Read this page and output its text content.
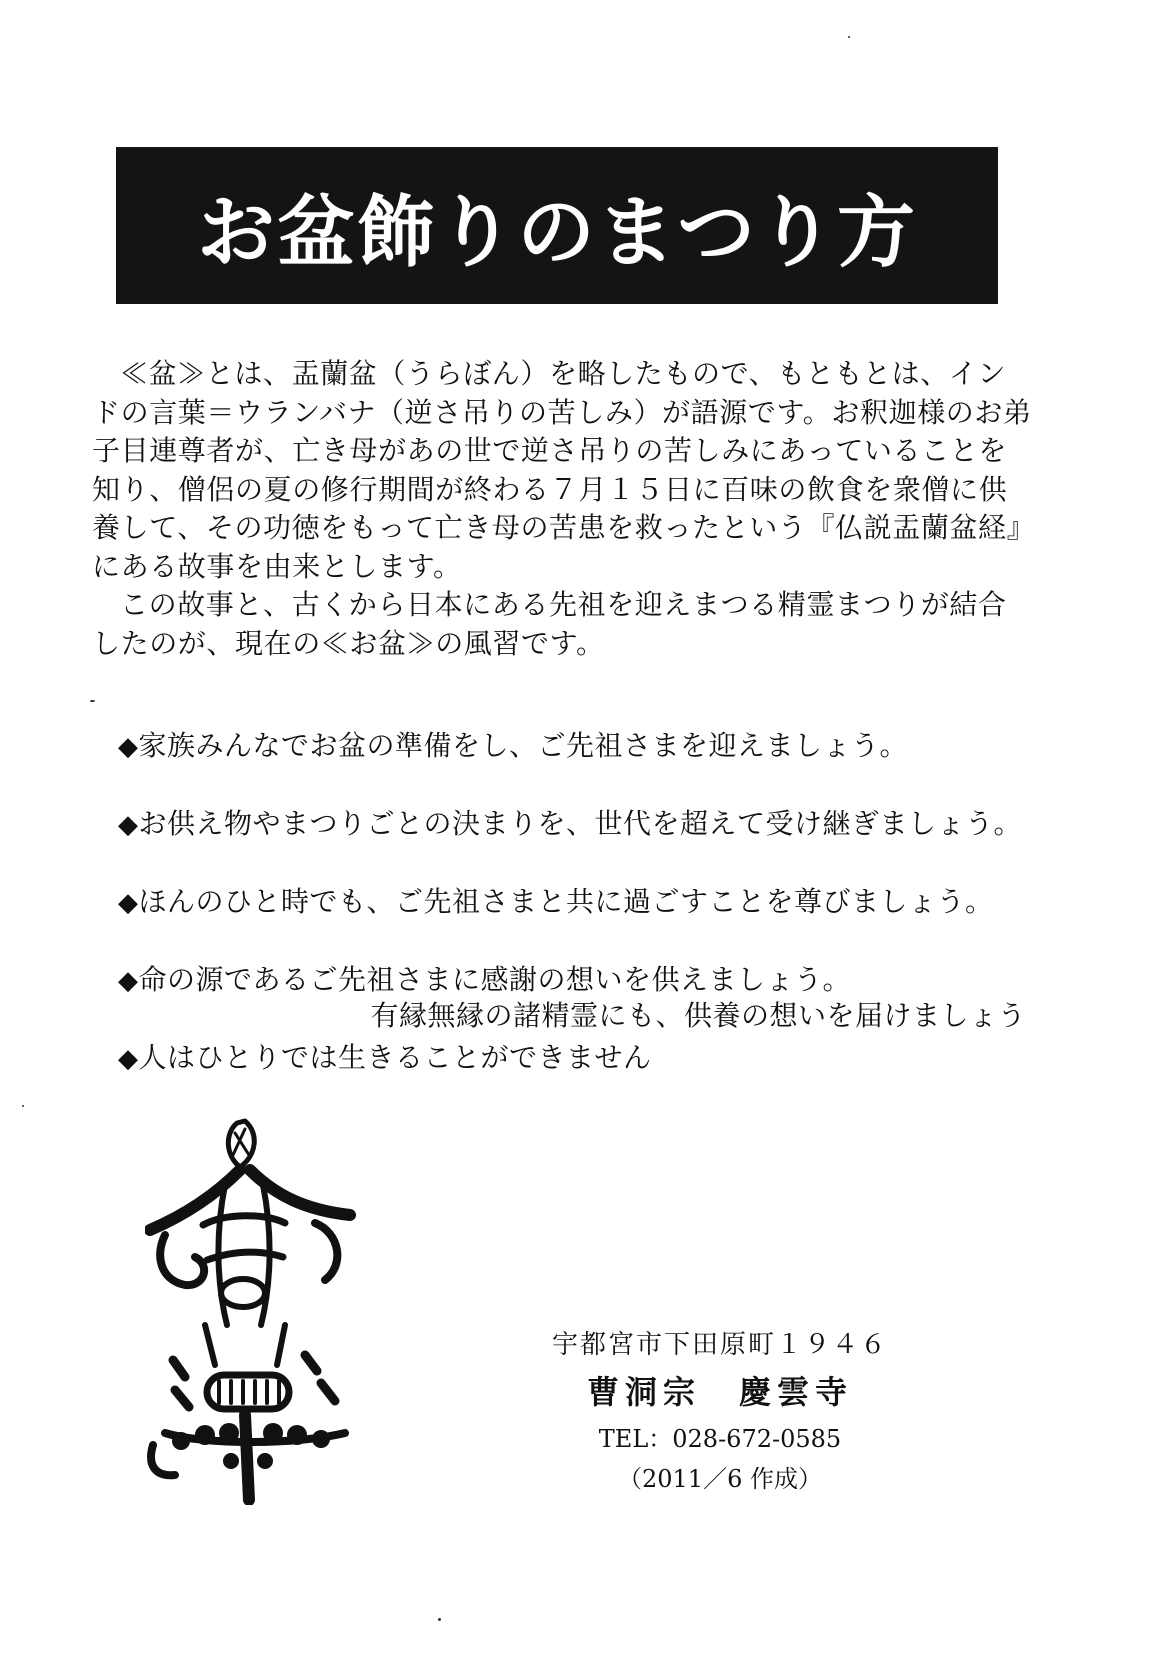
お盆飾りのまつり方

≪盆≫とは、盂蘭盆（うらぼん）を略したもので、もともとは、インドの言葉＝ウランバナ（逆さ吊りの苦しみ）が語源です。お釈迦様のお弟子目連尊者が、亡き母があの世で逆さ吊りの苦しみにあっていることを知り、僧侶の夏の修行期間が終わる７月１５日に百味の飲食を衆僧に供養して、その功徳をもって亡き母の苦患を救ったという『仏説盂蘭盆経』にある故事を由来とします。

この故事と、古くから日本にある先祖を迎えまつる精霊まつりが結合したのが、現在の≪お盆≫の風習です。

◆家族みんなでお盆の準備をし、ご先祖さまを迎えましょう。
◆お供え物やまつりごとの決まりを、世代を超えて受け継ぎましょう。
◆ほんのひと時でも、ご先祖さまと共に過ごすことを尊びましょう。
◆命の源であるご先祖さまに感謝の想いを供えましょう。
◆人はひとりでは生きることができません
有縁無縁の諸精霊にも、供養の想いを届けましょう
宇都宮市下田原町１９４６
曹洞宗　慶雲寺
TEL：028-672-0585
（2011／6 作成）
